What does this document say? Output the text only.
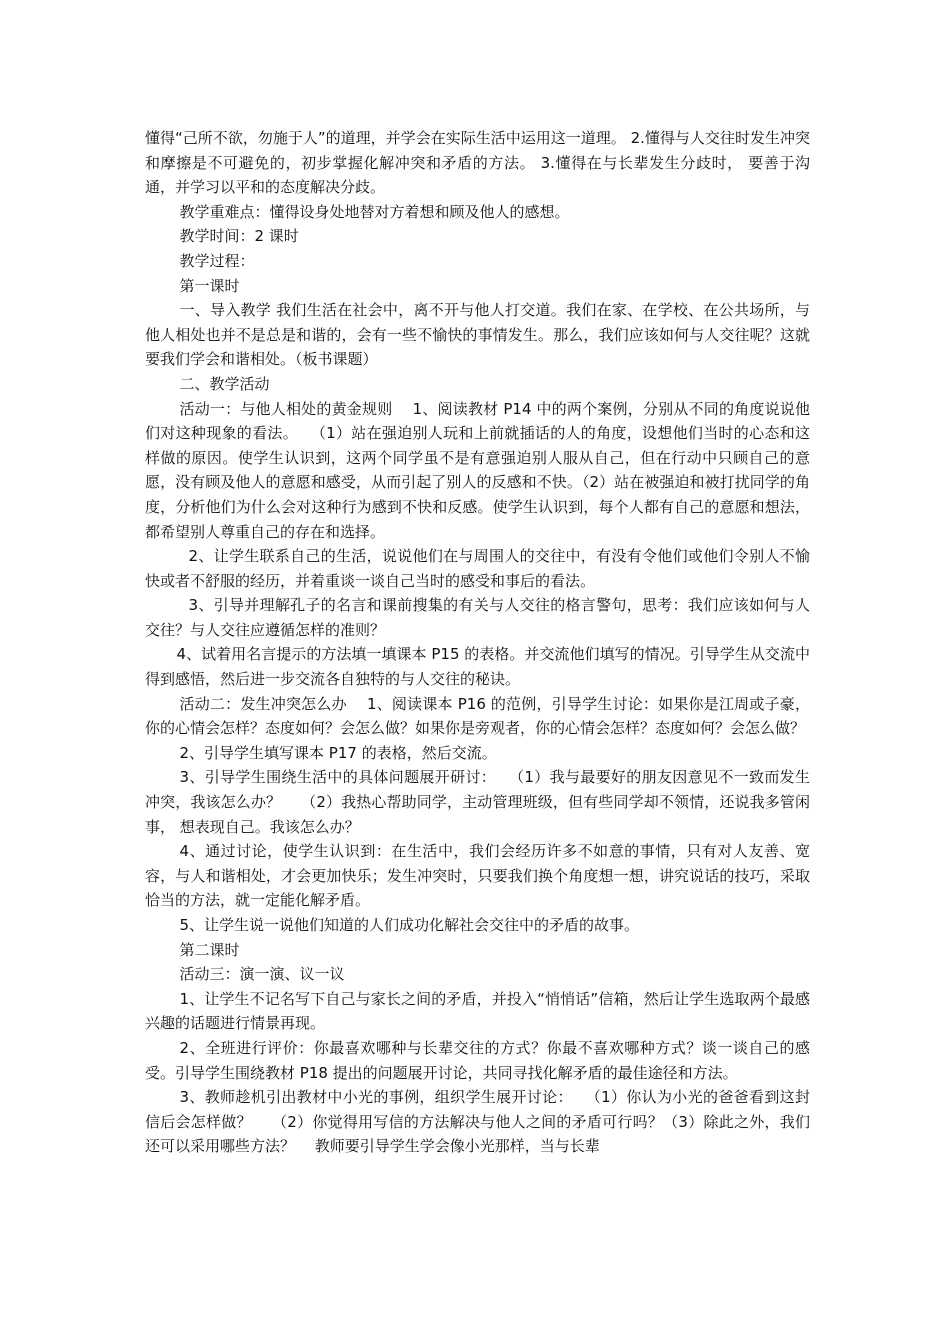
懂得“己所不欲，勿施于人”的道理，并学会在实际生活中运用这一道理。 2.懂得与人交往时发生冲突和摩擦是不可避免的，初步掌握化解冲突和矛盾的方法。 3.懂得在与长辈发生分歧时， 要善于沟通，并学习以平和的态度解决分歧。

教学重难点：懂得设身处地替对方着想和顾及他人的感想。

教学时间：2 课时

教学过程：

第一课时

一、导入教学 我们生活在社会中，离不开与他人打交道。我们在家、在学校、在公共场所，与他人相处也并不是总是和谐的，会有一些不愉快的事情发生。那么，我们应该如何与人交往呢？这就要我们学会和谐相处。（板书课题）

二、教学活动

活动一：与他人相处的黄金规则　 1、阅读教材 P14 中的两个案例，分别从不同的角度说说他们对这种现象的看法。　 （1）站在强迫别人玩和上前就插话的人的角度，设想他们当时的心态和这样做的原因。使学生认识到，这两个同学虽不是有意强迫别人服从自己，但在行动中只顾自己的意愿，没有顾及他人的意愿和感受，从而引起了别人的反感和不快。（2）站在被强迫和被打扰同学的角度，分析他们为什么会对这种行为感到不快和反感。使学生认识到，每个人都有自己的意愿和想法，都希望别人尊重自己的存在和选择。

2、让学生联系自己的生活，说说他们在与周围人的交往中，有没有令他们或他们令别人不愉快或者不舒服的经历，并着重谈一谈自己当时的感受和事后的看法。

3、引导并理解孔子的名言和课前搜集的有关与人交往的格言警句，思考：我们应该如何与人交往？与人交往应遵循怎样的准则？

4、试着用名言提示的方法填一填课本 P15 的表格。并交流他们填写的情况。引导学生从交流中得到感悟，然后进一步交流各自独特的与人交往的秘诀。

活动二：发生冲突怎么办　 1、阅读课本 P16 的范例，引导学生讨论：如果你是江周或子豪，你的心情会怎样？态度如何？会怎么做？如果你是旁观者，你的心情会怎样？态度如何？会怎么做？

2、引导学生填写课本 P17 的表格，然后交流。

3、引导学生围绕生活中的具体问题展开研讨：　 （1）我与最要好的朋友因意见不一致而发生冲突，我该怎么办？　 （2）我热心帮助同学，主动管理班级，但有些同学却不领情，还说我多管闲事， 想表现自己。我该怎么办？

4、通过讨论，使学生认识到：在生活中，我们会经历许多不如意的事情，只有对人友善、宽容，与人和谐相处，才会更加快乐；发生冲突时，只要我们换个角度想一想，讲究说话的技巧，采取恰当的方法，就一定能化解矛盾。

5、让学生说一说他们知道的人们成功化解社会交往中的矛盾的故事。

第二课时

活动三：演一演、议一议

1、让学生不记名写下自己与家长之间的矛盾，并投入“悄悄话”信箱，然后让学生选取两个最感兴趣的话题进行情景再现。

2、全班进行评价：你最喜欢哪种与长辈交往的方式？你最不喜欢哪种方式？谈一谈自己的感受。引导学生围绕教材 P18 提出的问题展开讨论，共同寻找化解矛盾的最佳途径和方法。

3、教师趁机引出教材中小光的事例，组织学生展开讨论：　 （1）你认为小光的爸爸看到这封信后会怎样做？　 （2）你觉得用写信的方法解决与他人之间的矛盾可行吗？（3）除此之外，我们还可以采用哪些方法？　 教师要引导学生学会像小光那样，当与长辈
